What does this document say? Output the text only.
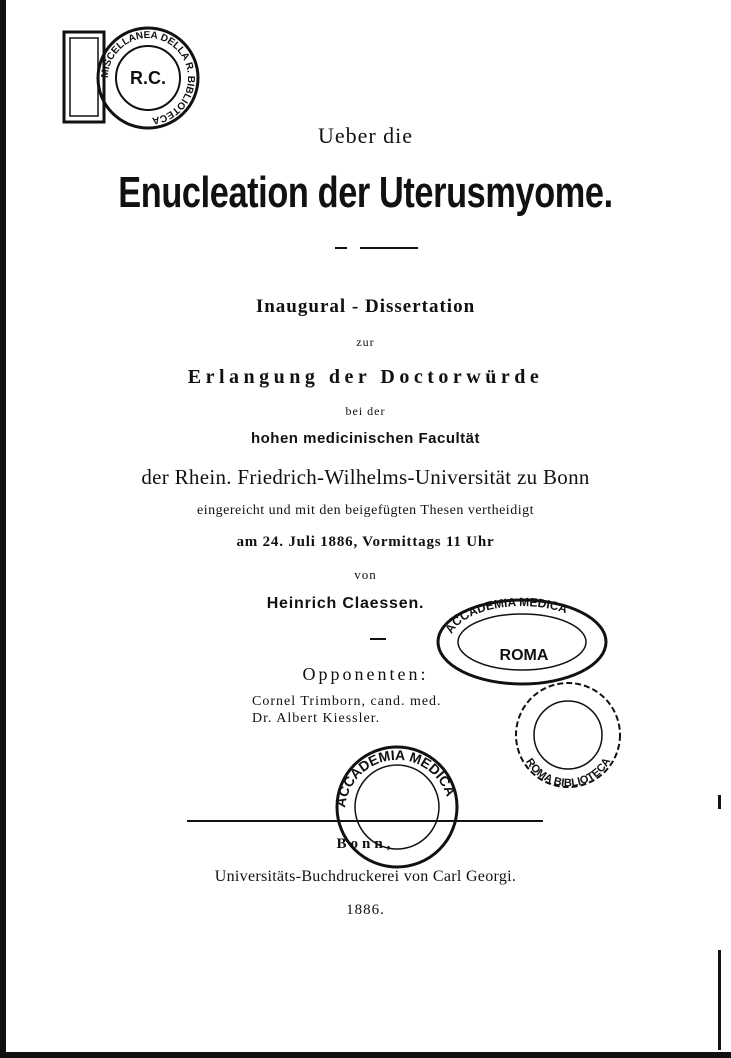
MISCELLANEA DELLA R. BIBLIOTECA
R.C.
Ueber die
Enucleation der Uterusmyome.
Inaugural - Dissertation
zur
Erlangung der Doctorwürde
bei der
hohen medicinischen Facultät
der Rhein. Friedrich-Wilhelms-Universität zu Bonn
eingereicht und mit den beigefügten Thesen vertheidigt
am 24. Juli 1886, Vormittags 11 Uhr
von
Heinrich Claessen.
Opponenten:
Cornel Trimborn, cand. med.
Dr. Albert Kiessler.
ACCADEMIA MEDICA
ROMA
ROMA BIBLIOTECA
ACCADEMIA MEDICA
Bonn,
Universitäts-Buchdruckerei von Carl Georgi.
1886.
